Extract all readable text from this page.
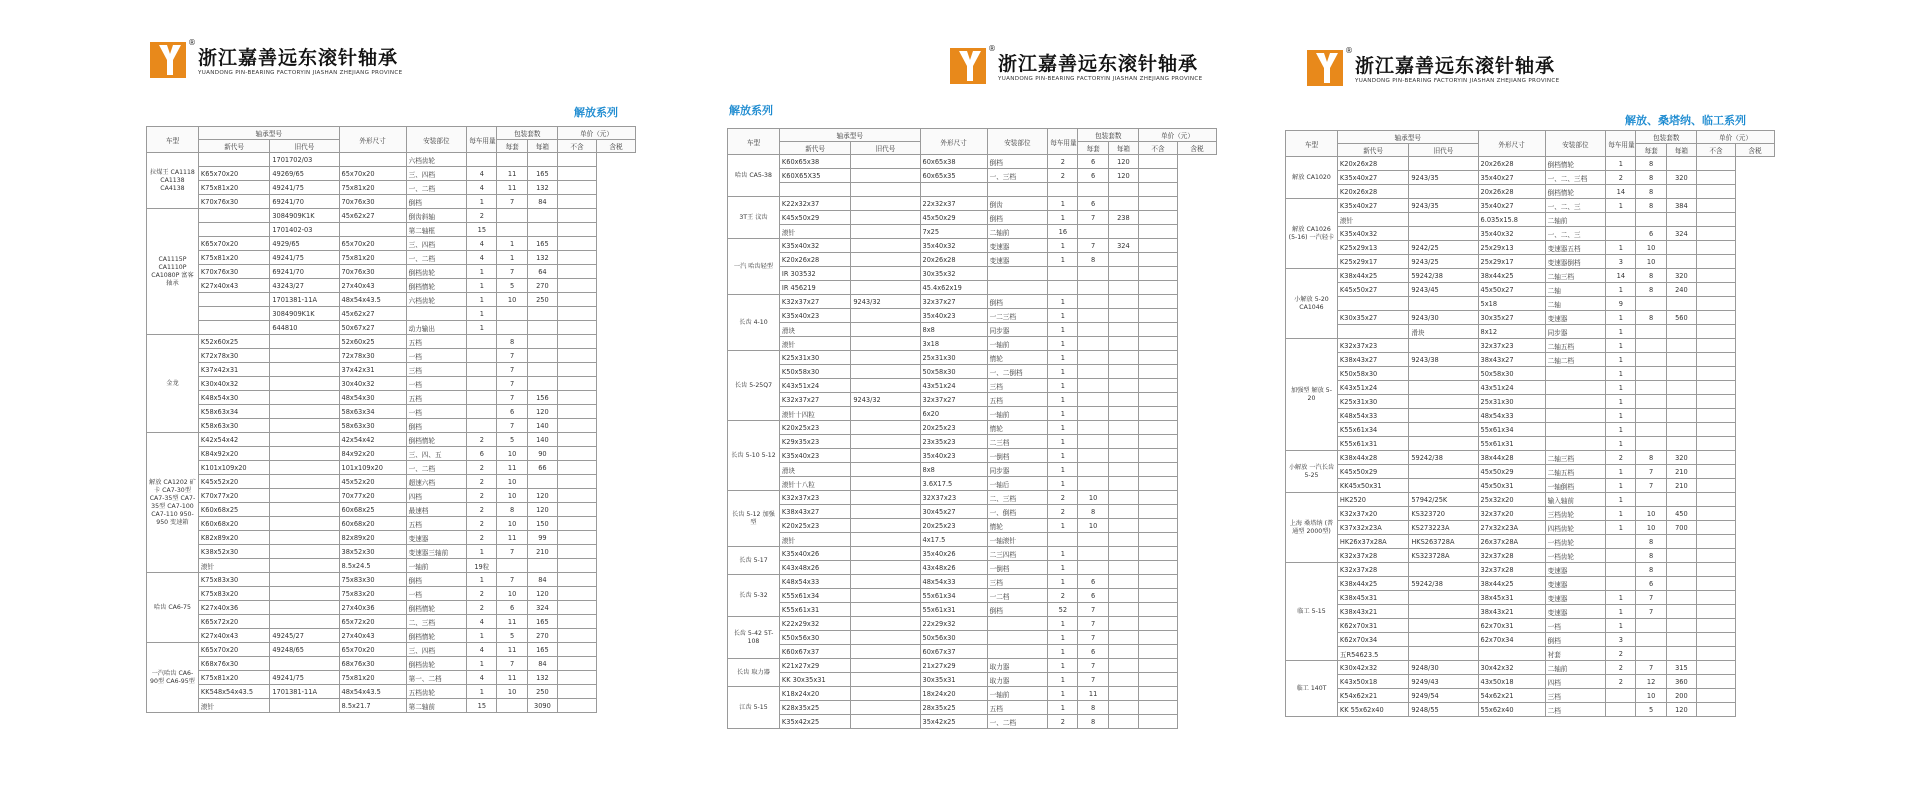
®
浙江嘉善远东滚针轴承
YUANDONG PIN-BEARING FACTORYIN JIASHAN ZHEJIANG PROVINCE
解放系列
车型	轴承型号		外形尺寸	安装部位	每车用量	包装套数		单价（元）	
	新代号	旧代号				每套	每箱	不含	含税
拉煤王 CA1118 CA1138 CA4138		1701702/03		六档齿轮					
	K65x70x20	49269/65	65x70x20	三、四档	4	11	165		
	K75x81x20	49241/75	75x81x20	一、二档	4	11	132		
	K70x76x30	69241/70	70x76x30	倒档	1	7	84		
CA1115P CA1110P CA1080P 富客轴承		3084909K1K	45x62x27	倒齿斜轴	2				
		1701402-03		第二轴框	15				
	K65x70x20	4929/65	65x70x20	三、四档	4	1	165		
	K75x81x20	49241/75	75x81x20	一、二档	4	1	132		
	K70x76x30	69241/70	70x76x30	倒档齿轮	1	7	64		
	K27x40x43	43243/27	27x40x43	倒档惰轮	1	5	270		
		1701381-11A	48x54x43.5	六档齿轮	1	10	250		
		3084909K1K	45x62x27		1				
		644810	50x67x27	动力输出	1				
金龙	K52x60x25		52x60x25	五档		8			
	K72x78x30		72x78x30	一档		7			
	K37x42x31		37x42x31	三档		7			
	K30x40x32		30x40x32	一档		7			
	K48x54x30		48x54x30	五档		7	156		
	K58x63x34		58x63x34	一档		6	120		
	K58x63x30		58x63x30	倒档		7	140		
解放 CA1202 矿卡 CA7-30型 CA7-35型 CA7-35型 CA7-100 CA7-110 950-950 变速箱	K42x54x42		42x54x42	倒档惰轮	2	5	140		
	K84x92x20		84x92x20	三、四、五	6	10	90		
	K101x109x20		101x109x20	一、二档	2	11	66		
	K45x52x20		45x52x20	超速六档	2	10			
	K70x77x20		70x77x20	四档	2	10	120		
	K60x68x25		60x68x25	最速档	2	8	120		
	K60x68x20		60x68x20	五档	2	10	150		
	K82x89x20		82x89x20	变速器	2	11	99		
	K38x52x30		38x52x30	变速器三轴前	1	7	210		
	滚针		8.5x24.5	一轴前	19粒				
哈齿 CA6-75	K75x83x30		75x83x30	倒档	1	7	84		
	K75x83x20		75x83x20	一档	2	10	120		
	K27x40x36		27x40x36	倒档惰轮	2	6	324		
	K65x72x20		65x72x20	二、三档	4	11	165		
	K27x40x43	49245/27	27x40x43	倒档惰轮	1	5	270		
一汽哈齿 CA6-90型 CA6-95型	K65x70x20	49248/65	65x70x20	三、四档	4	11	165		
	K68x76x30		68x76x30	倒档齿轮	1	7	84		
	K75x81x20	49241/75	75x81x20	第一、二档	4	11	132		
	KK548x54x43.5	1701381-11A	48x54x43.5	五档齿轮	1	10	250		
	滚针		8.5x21.7	第二轴前	15		3090		
®
浙江嘉善远东滚针轴承
YUANDONG PIN-BEARING FACTORYIN JIASHAN ZHEJIANG PROVINCE
解放系列
车型	轴承型号		外形尺寸	安装部位	每车用量	包装套数		单价（元）	
	新代号	旧代号				每套	每箱	不含	含税
哈齿 CA5-38	K60x65x38		60x65x38	倒档	2	6	120		
	K60X65X35		60x65x35	一、三档	2	6	120		

3T王 汶齿	K22x32x37		22x32x37	倒齿	1	6			
	K45x50x29		45x50x29	倒档	1	7	238		
	滚针		7x25	二轴前	16				
一汽 哈齿轻型	K35x40x32		35x40x32	变速器	1	7	324		
	K20x26x28		20x26x28	变速器	1	8			
	IR 303532		30x35x32						
	IR 456219		45.4x62x19						
长齿 4-10	K32x37x27	9243/32	32x37x27	倒档	1				
	K35x40x23		35x40x23	一二三档	1				
	滑块		8x8	同步器	1				
	滚针		3x18	一轴前	1				
长齿 5-25Q7	K25x31x30		25x31x30	惰轮	1				
	K50x58x30		50x58x30	一、二倒档	1				
	K43x51x24		43x51x24	三档	1				
	K32x37x27	9243/32	32x37x27	五档	1				
	滚针十四粒		6x20	一轴前	1				
长齿 5-10 5-12	K20x25x23		20x25x23	惰轮	1				
	K29x35x23		23x35x23	二三档	1				
	K35x40x23		35x40x23	一倒档	1				
	滑块		8x8	同步器	1				
	滚针十八粒		3.6X17.5	一轴后	1				
长齿 5-12 加强型	K32x37x23		32X37x23	二、三档	2	10			
	K38x43x27		30x45x27	一、倒档	2	8			
	K20x25x23		20x25x23	惰轮	1	10			
	滚针		4x17.5	一轴滚针					
长齿 5-17	K35x40x26		35x40x26	二三四档	1				
	K43x48x26		43x48x26	一倒档	1				
长齿 5-32	K48x54x33		48x54x33	三档	1	6			
	K55x61x34		55x61x34	一二档	2	6			
	K55x61x31		55x61x31	倒档	52	7			
长齿 5-42 5T-108	K22x29x32		22x29x32		1	7			
	K50x56x30		50x56x30		1	7			
	K60x67x37		60x67x37		1	6			
长齿 取力器	K21x27x29		21x27x29	取力器	1	7			
	KK 30x35x31		30x35x31	取力器	1	7			
江齿 5-15	K18x24x20		18x24x20	一轴前	1	11			
	K28x35x25		28x35x25	五档	1	8			
	K35x42x25		35x42x25	一、二档	2	8			
®
浙江嘉善远东滚针轴承
YUANDONG PIN-BEARING FACTORYIN JIASHAN ZHEJIANG PROVINCE
解放、桑塔纳、临工系列
车型	轴承型号		外形尺寸	安装部位	每车用量	包装套数		单价（元）	
	新代号	旧代号				每套	每箱	不含	含税
解放 CA1020	K20x26x28		20x26x28	倒档惰轮	1	8			
	K35x40x27	9243/35	35x40x27	一、二、三档	2	8	320		
	K20x26x28		20x26x28	倒档惰轮	14	8			
解放 CA1026 (5-16) 一汽轻卡	K35x40x27	9243/35	35x40x27	一、二、三	1	8	384		
	滚针		6.035x15.8	二轴前					
	K35x40x32		35x40x32	一、二、三		6	324		
	K25x29x13	9242/25	25x29x13	变速器五档	1	10			
	K25x29x17	9243/25	25x29x17	变速器倒档	3	10			
小解放 5-20 CA1046	K38x44x25	59242/38	38x44x25	二轴三档	14	8	320		
	K45x50x27	9243/45	45x50x27	二轴	1	8	240		
			5x18	二轴	9				
	K30x35x27	9243/30	30x35x27	变速器	1	8	560		
		滑块	8x12	同步器	1				
加强型 解放 5-20	K32x37x23		32x37x23	二轴五档	1				
	K38x43x27	9243/38	38x43x27	二轴二档	1				
	K50x58x30		50x58x30		1				
	K43x51x24		43x51x24		1				
	K25x31x30		25x31x30		1				
	K48x54x33		48x54x33		1				
	K55x61x34		55x61x34		1				
	K55x61x31		55x61x31		1				
小解放 一汽长齿 5-25	K38x44x28	59242/38	38x44x28	二轴三档	2	8	320		
	K45x50x29		45x50x29	二轴五档	1	7	210		
	KK45x50x31		45x50x31	一轴倒档	1	7	210		
上海 桑塔纳 (普通型 2000型)	HK2520	57942/25K	25x32x20	输入轴前	1				
	K32x37x20	KS323720	32x37x20	三档齿轮	1	10	450		
	K37x32x23A	KS273223A	27x32x23A	四档齿轮	1	10	700		
	HK26x37x28A	HKS263728A	26x37x28A	一档齿轮		8			
	K32x37x28	KS323728A	32x37x28	一档齿轮		8			
临工 5-15	K32x37x28		32x37x28	变速器		8			
	K38x44x25	59242/38	38x44x25	变速器		6			
	K38x45x31		38x45x31	变速器	1	7			
	K38x43x21		38x43x21	变速器	1	7			
	K62x70x31		62x70x31	一档	1				
	K62x70x34		62x70x34	倒档	3				
	五R54623.5			衬套	2				
临工 140T	K30x42x32	9248/30	30x42x32	二轴前	2	7	315		
	K43x50x18	9249/43	43x50x18	四档	2	12	360		
	K54x62x21	9249/54	54x62x21	三档		10	200		
	KK 55x62x40	9248/55	55x62x40	二档		5	120		
